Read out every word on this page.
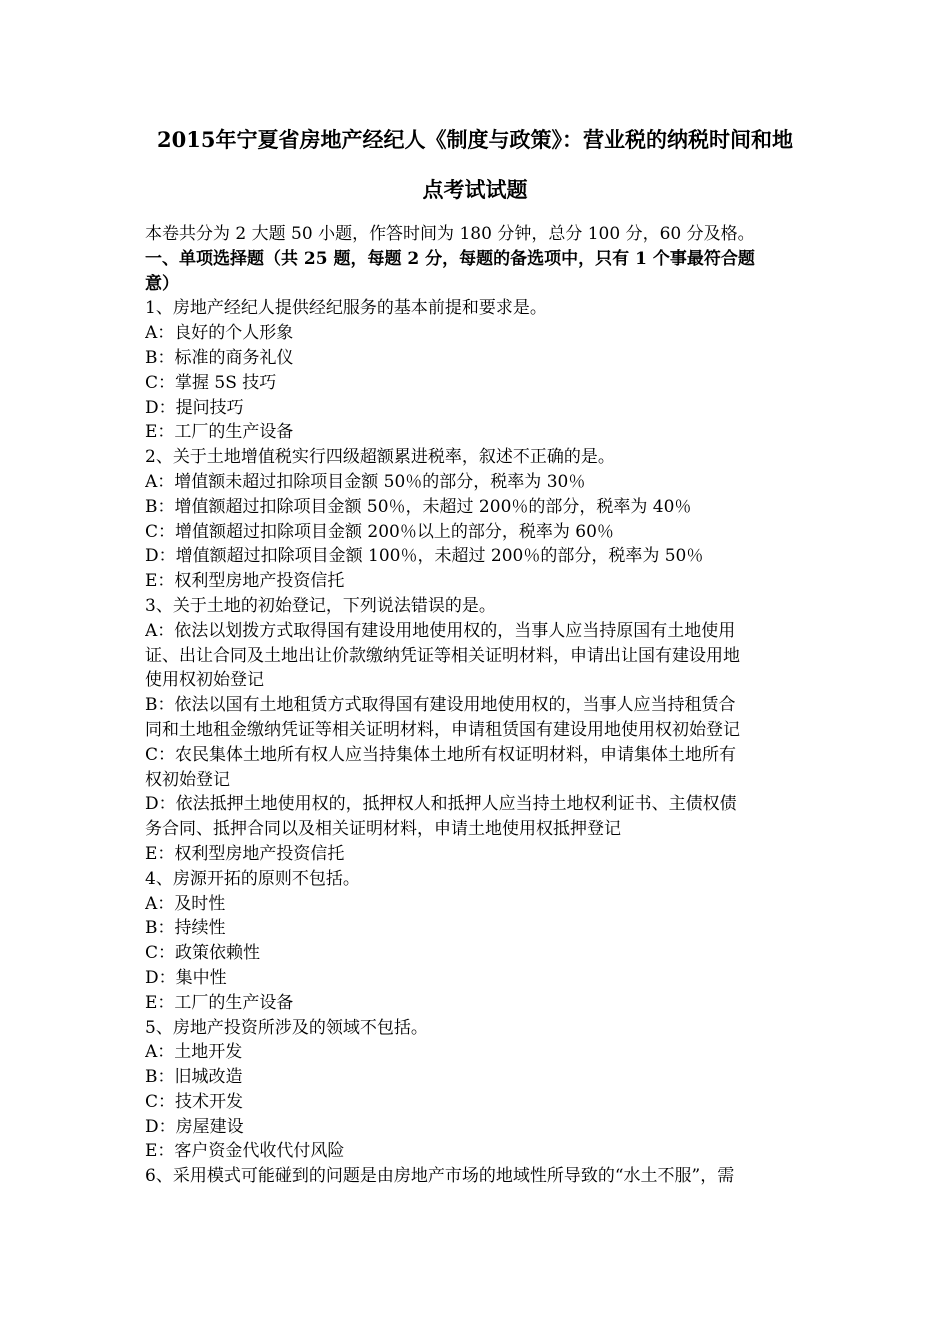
2015年宁夏省房地产经纪人《制度与政策》：营业税的纳税时间和地
点考试试题
本卷共分为 2 大题 50 小题，作答时间为 180 分钟，总分 100 分，60 分及格。
一、单项选择题（共 25 题，每题 2 分，每题的备选项中，只有 1 个事最符合题
意）
1、房地产经纪人提供经纪服务的基本前提和要求是。
A：良好的个人形象
B：标准的商务礼仪
C：掌握 5S 技巧
D：提问技巧
E：工厂的生产设备
2、关于土地增值税实行四级超额累进税率，叙述不正确的是。
A：增值额未超过扣除项目金额 50％的部分，税率为 30％
B：增值额超过扣除项目金额 50％，未超过 200％的部分，税率为 40％
C：增值额超过扣除项目金额 200％以上的部分，税率为 60％
D：增值额超过扣除项目金额 100％，未超过 200％的部分，税率为 50％
E：权利型房地产投资信托
3、关于土地的初始登记，下列说法错误的是。
A：依法以划拨方式取得国有建设用地使用权的，当事人应当持原国有土地使用
证、出让合同及土地出让价款缴纳凭证等相关证明材料，申请出让国有建设用地
使用权初始登记
B：依法以国有土地租赁方式取得国有建设用地使用权的，当事人应当持租赁合
同和土地租金缴纳凭证等相关证明材料，申请租赁国有建设用地使用权初始登记
C：农民集体土地所有权人应当持集体土地所有权证明材料，申请集体土地所有
权初始登记
D：依法抵押土地使用权的，抵押权人和抵押人应当持土地权利证书、主债权债
务合同、抵押合同以及相关证明材料，申请土地使用权抵押登记
E：权利型房地产投资信托
4、房源开拓的原则不包括。
A：及时性
B：持续性
C：政策依赖性
D：集中性
E：工厂的生产设备
5、房地产投资所涉及的领域不包括。
A：土地开发
B：旧城改造
C：技术开发
D：房屋建设
E：客户资金代收代付风险
6、采用模式可能碰到的问题是由房地产市场的地域性所导致的“水土不服”，需
